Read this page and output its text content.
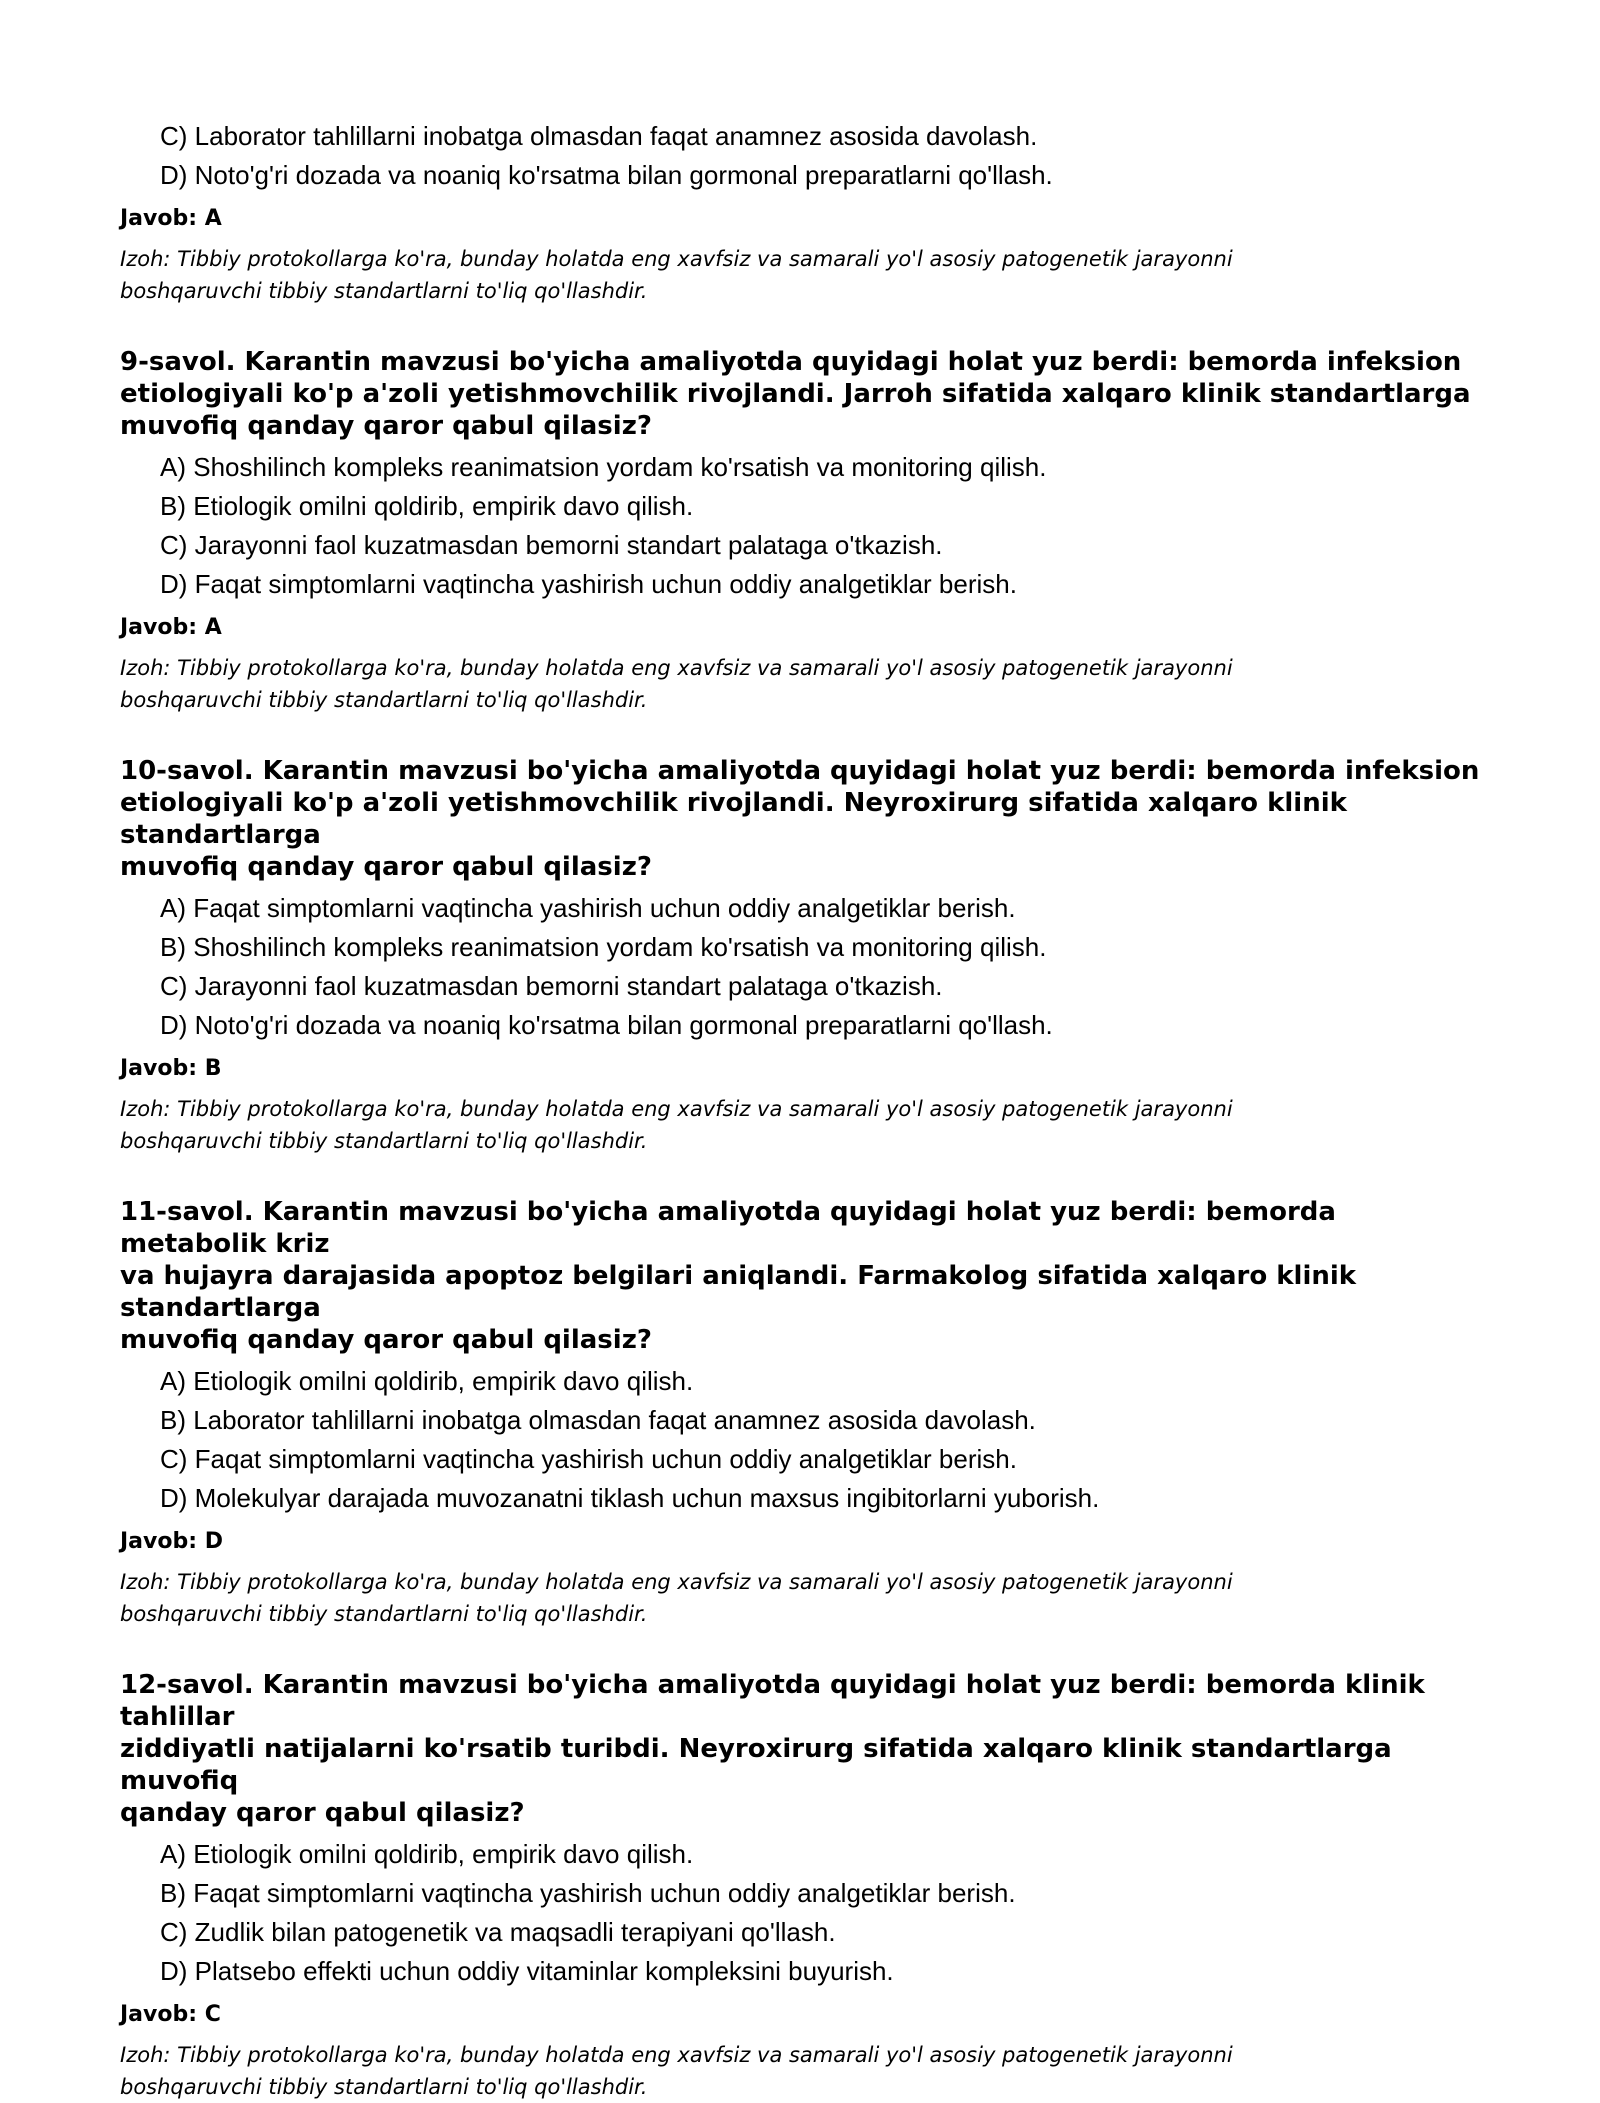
C) Laborator tahlillarni inobatga olmasdan faqat anamnez asosida davolash.
D) Noto'g'ri dozada va noaniq ko'rsatma bilan gormonal preparatlarni qo'llash.
Javob: A
Izoh: Tibbiy protokollarga ko'ra, bunday holatda eng xavfsiz va samarali yo'l asosiy patogenetik jarayonni
boshqaruvchi tibbiy standartlarni to'liq qo'llashdir.
9-savol. Karantin mavzusi bo'yicha amaliyotda quyidagi holat yuz berdi: bemorda infeksion
etiologiyali ko'p a'zoli yetishmovchilik rivojlandi. Jarroh sifatida xalqaro klinik standartlarga
muvofiq qanday qaror qabul qilasiz?
A) Shoshilinch kompleks reanimatsion yordam ko'rsatish va monitoring qilish.
B) Etiologik omilni qoldirib, empirik davo qilish.
C) Jarayonni faol kuzatmasdan bemorni standart palataga o'tkazish.
D) Faqat simptomlarni vaqtincha yashirish uchun oddiy analgetiklar berish.
Javob: A
Izoh: Tibbiy protokollarga ko'ra, bunday holatda eng xavfsiz va samarali yo'l asosiy patogenetik jarayonni
boshqaruvchi tibbiy standartlarni to'liq qo'llashdir.
10-savol. Karantin mavzusi bo'yicha amaliyotda quyidagi holat yuz berdi: bemorda infeksion
etiologiyali ko'p a'zoli yetishmovchilik rivojlandi. Neyroxirurg sifatida xalqaro klinik standartlarga
muvofiq qanday qaror qabul qilasiz?
A) Faqat simptomlarni vaqtincha yashirish uchun oddiy analgetiklar berish.
B) Shoshilinch kompleks reanimatsion yordam ko'rsatish va monitoring qilish.
C) Jarayonni faol kuzatmasdan bemorni standart palataga o'tkazish.
D) Noto'g'ri dozada va noaniq ko'rsatma bilan gormonal preparatlarni qo'llash.
Javob: B
Izoh: Tibbiy protokollarga ko'ra, bunday holatda eng xavfsiz va samarali yo'l asosiy patogenetik jarayonni
boshqaruvchi tibbiy standartlarni to'liq qo'llashdir.
11-savol. Karantin mavzusi bo'yicha amaliyotda quyidagi holat yuz berdi: bemorda metabolik kriz
va hujayra darajasida apoptoz belgilari aniqlandi. Farmakolog sifatida xalqaro klinik standartlarga
muvofiq qanday qaror qabul qilasiz?
A) Etiologik omilni qoldirib, empirik davo qilish.
B) Laborator tahlillarni inobatga olmasdan faqat anamnez asosida davolash.
C) Faqat simptomlarni vaqtincha yashirish uchun oddiy analgetiklar berish.
D) Molekulyar darajada muvozanatni tiklash uchun maxsus ingibitorlarni yuborish.
Javob: D
Izoh: Tibbiy protokollarga ko'ra, bunday holatda eng xavfsiz va samarali yo'l asosiy patogenetik jarayonni
boshqaruvchi tibbiy standartlarni to'liq qo'llashdir.
12-savol. Karantin mavzusi bo'yicha amaliyotda quyidagi holat yuz berdi: bemorda klinik tahlillar
ziddiyatli natijalarni ko'rsatib turibdi. Neyroxirurg sifatida xalqaro klinik standartlarga muvofiq
qanday qaror qabul qilasiz?
A) Etiologik omilni qoldirib, empirik davo qilish.
B) Faqat simptomlarni vaqtincha yashirish uchun oddiy analgetiklar berish.
C) Zudlik bilan patogenetik va maqsadli terapiyani qo'llash.
D) Platsebo effekti uchun oddiy vitaminlar kompleksini buyurish.
Javob: C
Izoh: Tibbiy protokollarga ko'ra, bunday holatda eng xavfsiz va samarali yo'l asosiy patogenetik jarayonni
boshqaruvchi tibbiy standartlarni to'liq qo'llashdir.
